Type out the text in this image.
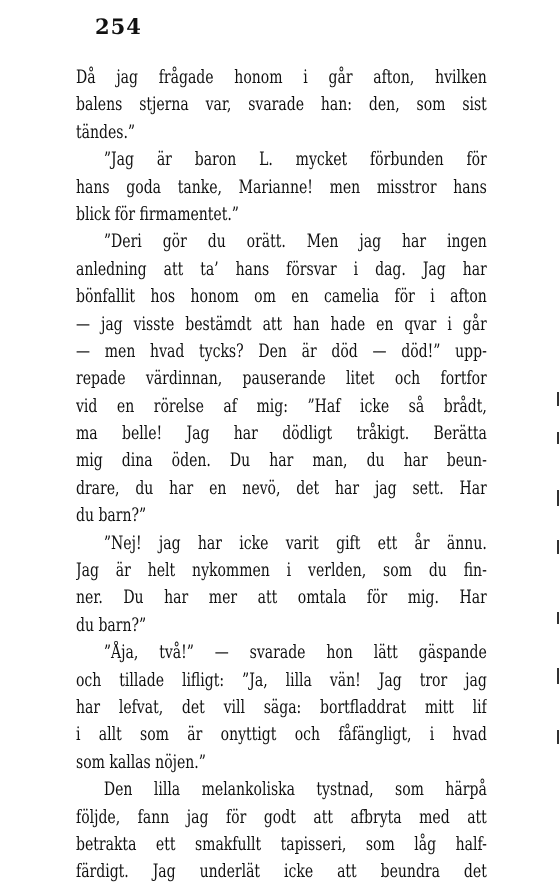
254
Då jag frågade honom i går afton, hvilken
balens stjerna var, svarade han: den, som sist
tändes.”
”Jag är baron L. mycket förbunden för
hans goda tanke, Marianne! men misstror hans
blick för firmamentet.”
”Deri gör du orätt. Men jag har ingen
anledning att ta’ hans försvar i dag. Jag har
bönfallit hos honom om en camelia för i afton
— jag visste bestämdt att han hade en qvar i går
— men hvad tycks? Den är död — död!” upp-
repade värdinnan, pauserande litet och fortfor
vid en rörelse af mig: ”Haf icke så brådt,
ma belle! Jag har dödligt tråkigt. Berätta
mig dina öden. Du har man, du har beun-
drare, du har en nevö, det har jag sett. Har
du barn?”
”Nej! jag har icke varit gift ett år ännu.
Jag är helt nykommen i verlden, som du fin-
ner. Du har mer att omtala för mig. Har
du barn?”
”Åja, två!” — svarade hon lätt gäspande
och tillade lifligt: ”Ja, lilla vän! Jag tror jag
har lefvat, det vill säga: bortfladdrat mitt lif
i allt som är onyttigt och fåfängligt, i hvad
som kallas nöjen.”
Den lilla melankoliska tystnad, som härpå
följde, fann jag för godt att afbryta med att
betrakta ett smakfullt tapisseri, som låg half-
färdigt. Jag underlät icke att beundra det
